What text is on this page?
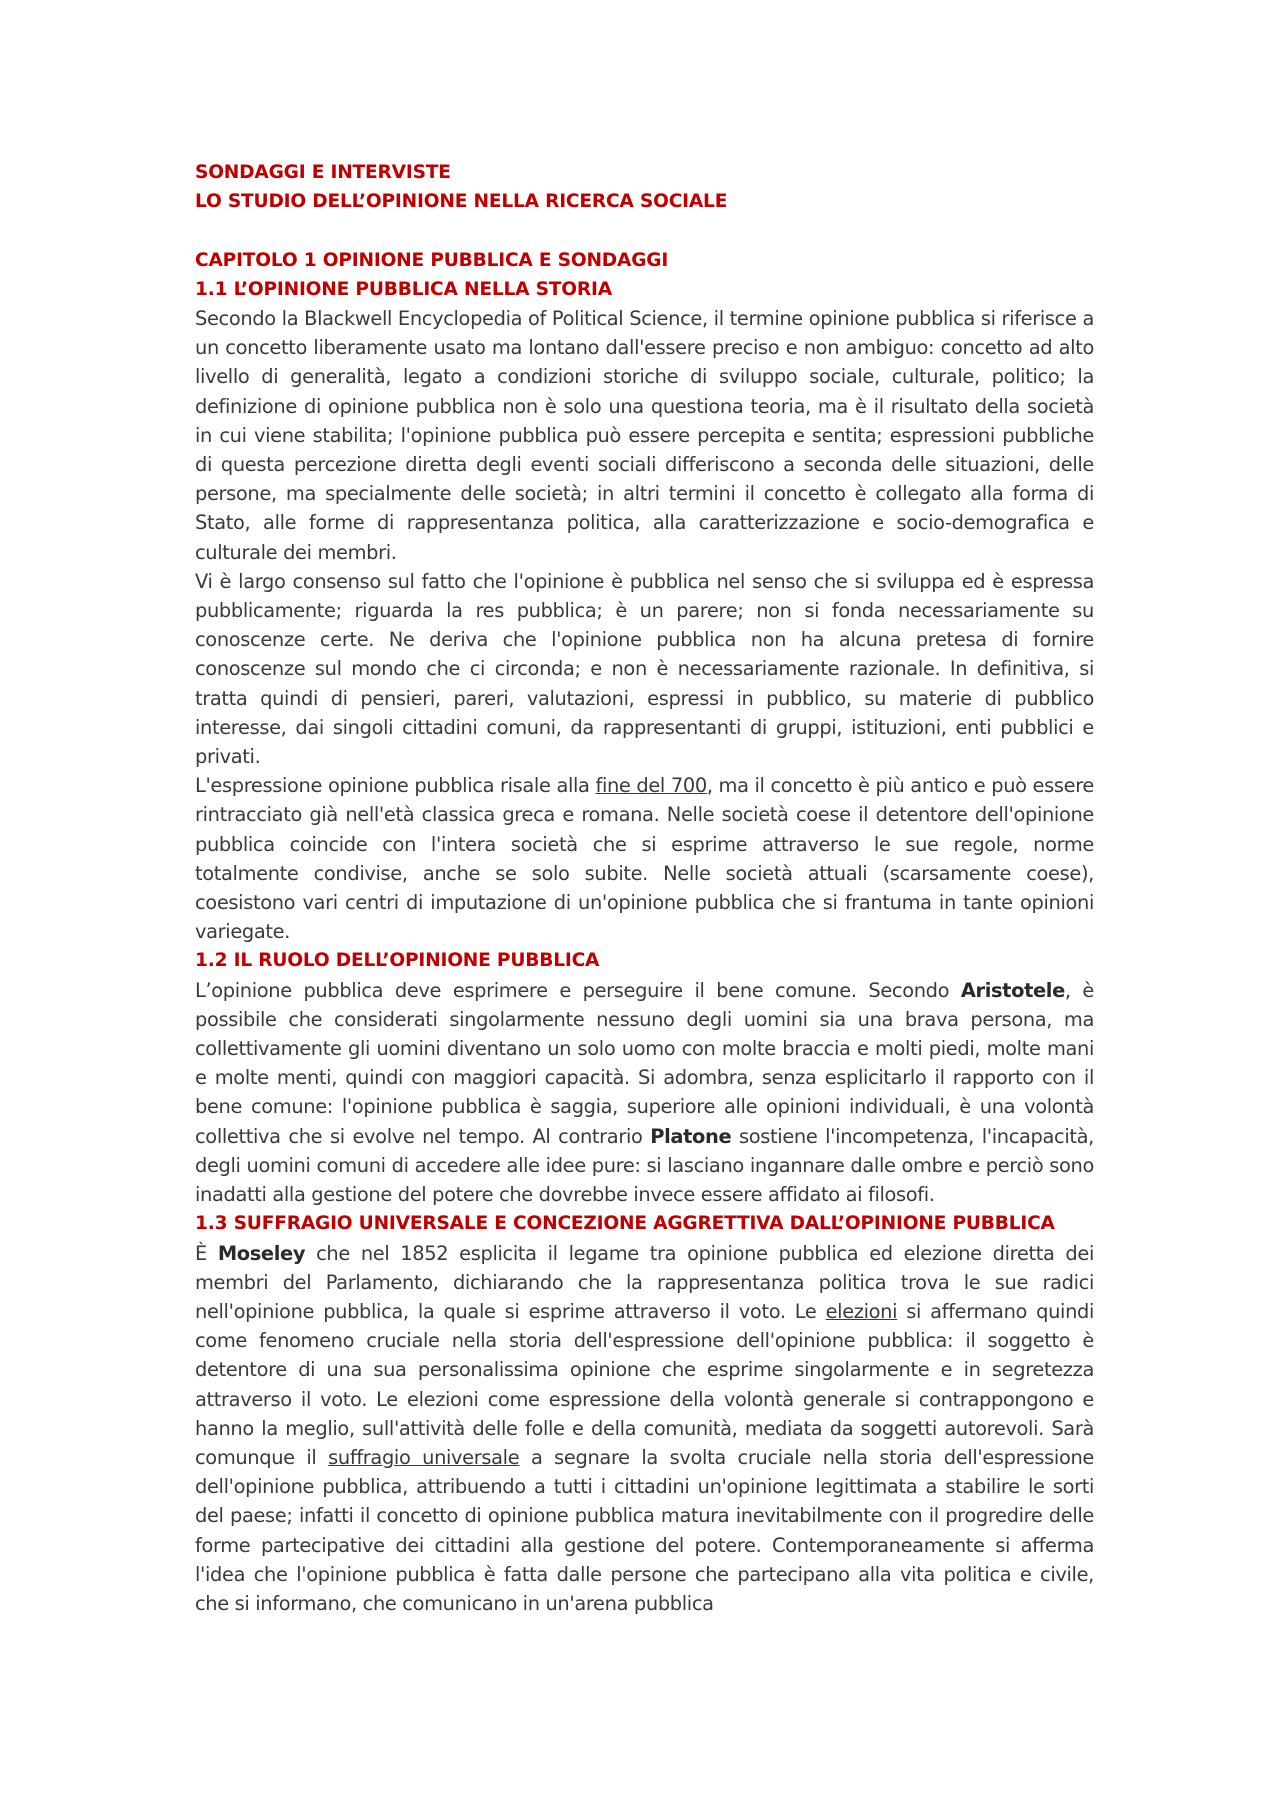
SONDAGGI E INTERVISTE

LO STUDIO DELL’OPINIONE NELLA RICERCA SOCIALE

CAPITOLO 1 OPINIONE PUBBLICA E SONDAGGI

1.1 L’OPINIONE PUBBLICA NELLA STORIA

Secondo la Blackwell Encyclopedia of Political Science, il termine opinione pubblica si riferisce a un concetto liberamente usato ma lontano dall'essere preciso e non ambiguo: concetto ad alto livello di generalità, legato a condizioni storiche di sviluppo sociale, culturale, politico; la definizione di opinione pubblica non è solo una questiona teoria, ma è il risultato della società in cui viene stabilita; l'opinione pubblica può essere percepita e sentita; espressioni pubbliche di questa percezione diretta degli eventi sociali differiscono a seconda delle situazioni, delle persone, ma specialmente delle società; in altri termini il concetto è collegato alla forma di Stato, alle forme di rappresentanza politica, alla caratterizzazione e socio-demografica e culturale dei membri.

Vi è largo consenso sul fatto che l'opinione è pubblica nel senso che si sviluppa ed è espressa pubblicamente; riguarda la res pubblica; è un parere; non si fonda necessariamente su conoscenze certe. Ne deriva che l'opinione pubblica non ha alcuna pretesa di fornire conoscenze sul mondo che ci circonda; e non è necessariamente razionale. In definitiva, si tratta quindi di pensieri, pareri, valutazioni, espressi in pubblico, su materie di pubblico interesse, dai singoli cittadini comuni, da rappresentanti di gruppi, istituzioni, enti pubblici e privati.

L'espressione opinione pubblica risale alla fine del 700, ma il concetto è più antico e può essere rintracciato già nell'età classica greca e romana. Nelle società coese il detentore dell'opinione pubblica coincide con l'intera società che si esprime attraverso le sue regole, norme totalmente condivise, anche se solo subite. Nelle società attuali (scarsamente coese), coesistono vari centri di imputazione di un'opinione pubblica che si frantuma in tante opinioni variegate.

1.2 IL RUOLO DELL’OPINIONE PUBBLICA

L’opinione pubblica deve esprimere e perseguire il bene comune. Secondo Aristotele, è possibile che considerati singolarmente nessuno degli uomini sia una brava persona, ma collettivamente gli uomini diventano un solo uomo con molte braccia e molti piedi, molte mani e molte menti, quindi con maggiori capacità. Si adombra, senza esplicitarlo il rapporto con il bene comune: l'opinione pubblica è saggia, superiore alle opinioni individuali, è una volontà collettiva che si evolve nel tempo. Al contrario Platone sostiene l'incompetenza, l'incapacità, degli uomini comuni di accedere alle idee pure: si lasciano ingannare dalle ombre e perciò sono inadatti alla gestione del potere che dovrebbe invece essere affidato ai filosofi.

1.3 SUFFRAGIO UNIVERSALE E CONCEZIONE AGGRETTIVA DALL’OPINIONE PUBBLICA

È Moseley che nel 1852 esplicita il legame tra opinione pubblica ed elezione diretta dei membri del Parlamento, dichiarando che la rappresentanza politica trova le sue radici nell'opinione pubblica, la quale si esprime attraverso il voto. Le elezioni si affermano quindi come fenomeno cruciale nella storia dell'espressione dell'opinione pubblica: il soggetto è detentore di una sua personalissima opinione che esprime singolarmente e in segretezza attraverso il voto. Le elezioni come espressione della volontà generale si contrappongono e hanno la meglio, sull'attività delle folle e della comunità, mediata da soggetti autorevoli. Sarà comunque il suffragio universale a segnare la svolta cruciale nella storia dell'espressione dell'opinione pubblica, attribuendo a tutti i cittadini un'opinione legittimata a stabilire le sorti del paese; infatti il concetto di opinione pubblica matura inevitabilmente con il progredire delle forme partecipative dei cittadini alla gestione del potere. Contemporaneamente si afferma l'idea che l'opinione pubblica è fatta dalle persone che partecipano alla vita politica e civile, che si informano, che comunicano in un'arena pubblica
